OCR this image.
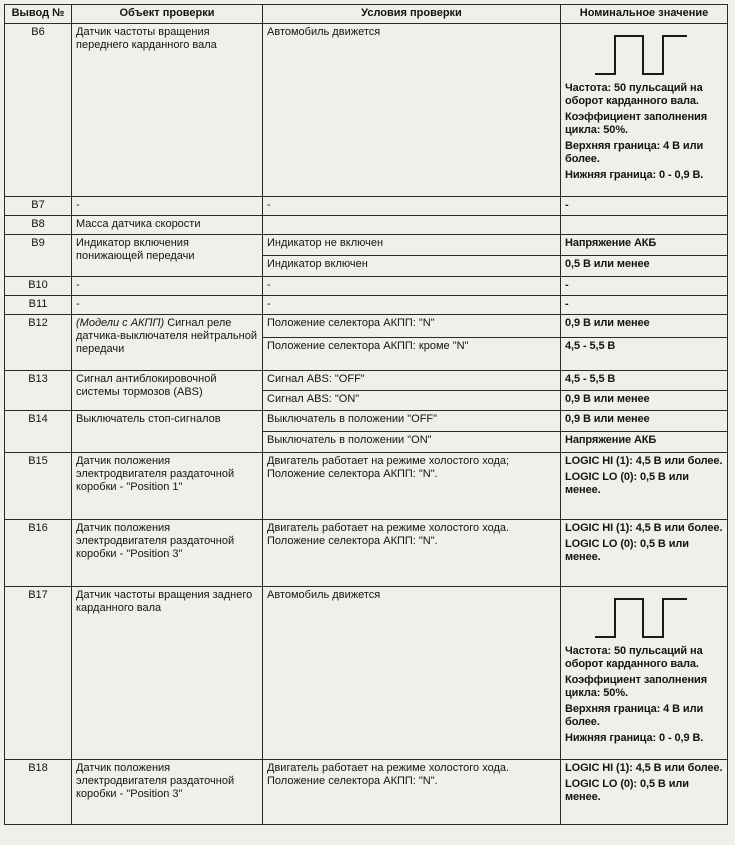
Вывод №	Объект проверки	Условия проверки	Номинальное значение
B6	Датчик частоты вращения переднего карданного вала	Автомобиль движется	Частота: 50 пульсаций на оборот карданного вала.
Коэффициент заполнения цикла: 50%.
Верхняя граница: 4 В или более.
Нижняя граница: 0 - 0,9 В.

B7	-	-	-
B8	Масса датчика скорости		
B9	Индикатор включения понижающей передачи	Индикатор не включен	Напряжение АКБ
		Индикатор включен	0,5 В или менее
B10	-	-	-
B11	-	-	-
B12	(Модели с АКПП) Сигнал реле датчика-выключателя нейтральной передачи	Положение селектора АКПП: "N"	0,9 В или менее
		Положение селектора АКПП: кроме "N"	4,5 - 5,5 В
B13	Сигнал антиблокировочной системы тормозов (ABS)	Сигнал ABS: "OFF"	4,5 - 5,5 В
		Сигнал ABS: "ON"	0,9 В или менее
B14	Выключатель стоп-сигналов	Выключатель в положении "OFF"	0,9 В или менее
		Выключатель в положении "ON"	Напряжение АКБ
B15	Датчик положения электродвигателя раздаточной коробки - "Position 1"	Двигатель работает на режиме холостого хода; Положение селектора АКПП: "N".	LOGIC HI (1): 4,5 В или более.
LOGIC LO (0): 0,5 В или менее.

B16	Датчик положения электродвигателя раздаточной коробки - "Position 3"	Двигатель работает на режиме холостого хода. Положение селектора АКПП: "N".	LOGIC HI (1): 4,5 В или более.
LOGIC LO (0): 0,5 В или менее.

B17	Датчик частоты вращения заднего карданного вала	Автомобиль движется	Частота: 50 пульсаций на оборот карданного вала.
Коэффициент заполнения цикла: 50%.
Верхняя граница: 4 В или более.
Нижняя граница: 0 - 0,9 В.

B18	Датчик положения электродвигателя раздаточной коробки - "Position 3"	Двигатель работает на режиме холостого хода. Положение селектора АКПП: "N".	LOGIC HI (1): 4,5 В или более.
LOGIC LO (0): 0,5 В или менее.
